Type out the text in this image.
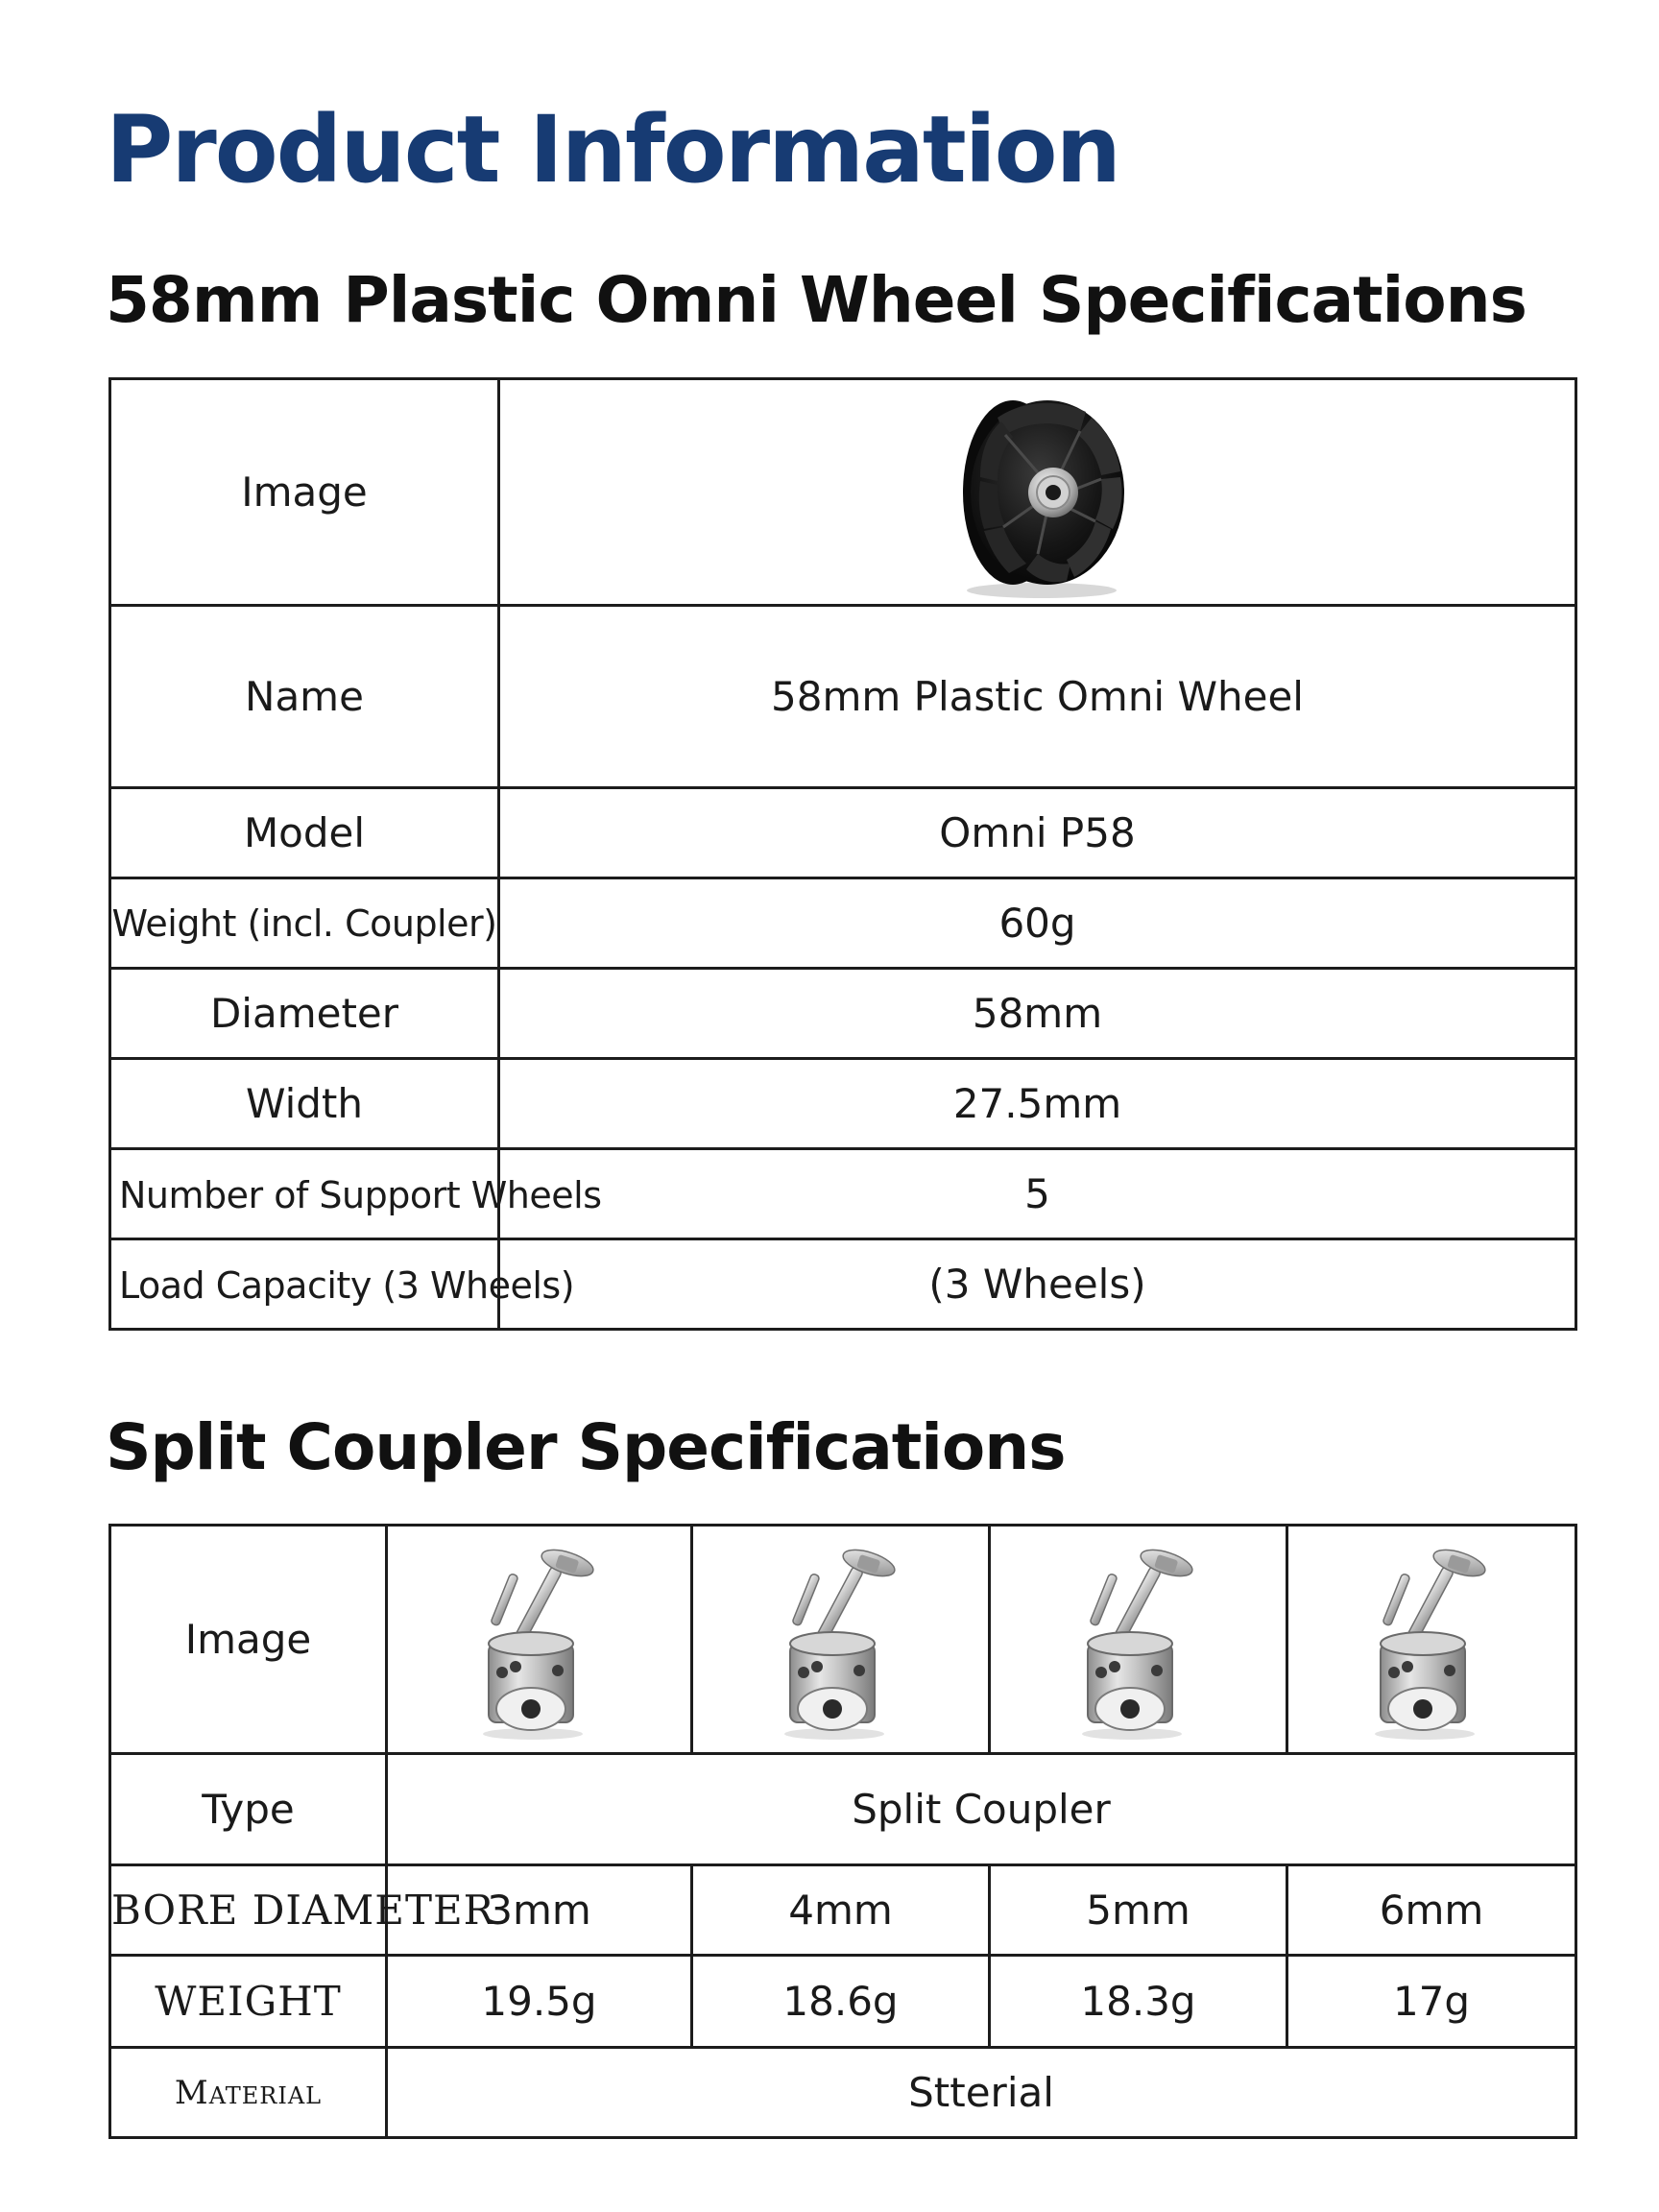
Product Information
58mm Plastic Omni Wheel Specifications
Image	

Name	58mm Plastic Omni Wheel
Model	Omni P58
Weight (incl. Coupler)	60g
Diameter	58mm
Width	27.5mm
Number of Support Wheels	5
Load Capacity (3 Wheels)	(3 Wheels)
Split Coupler Specifications
Image	

Type	Split Coupler			
BORE DIAMETER	3mm	4mm	5mm	6mm
WEIGHT	19.5g	18.6g	18.3g	17g
Material	Stterial			
